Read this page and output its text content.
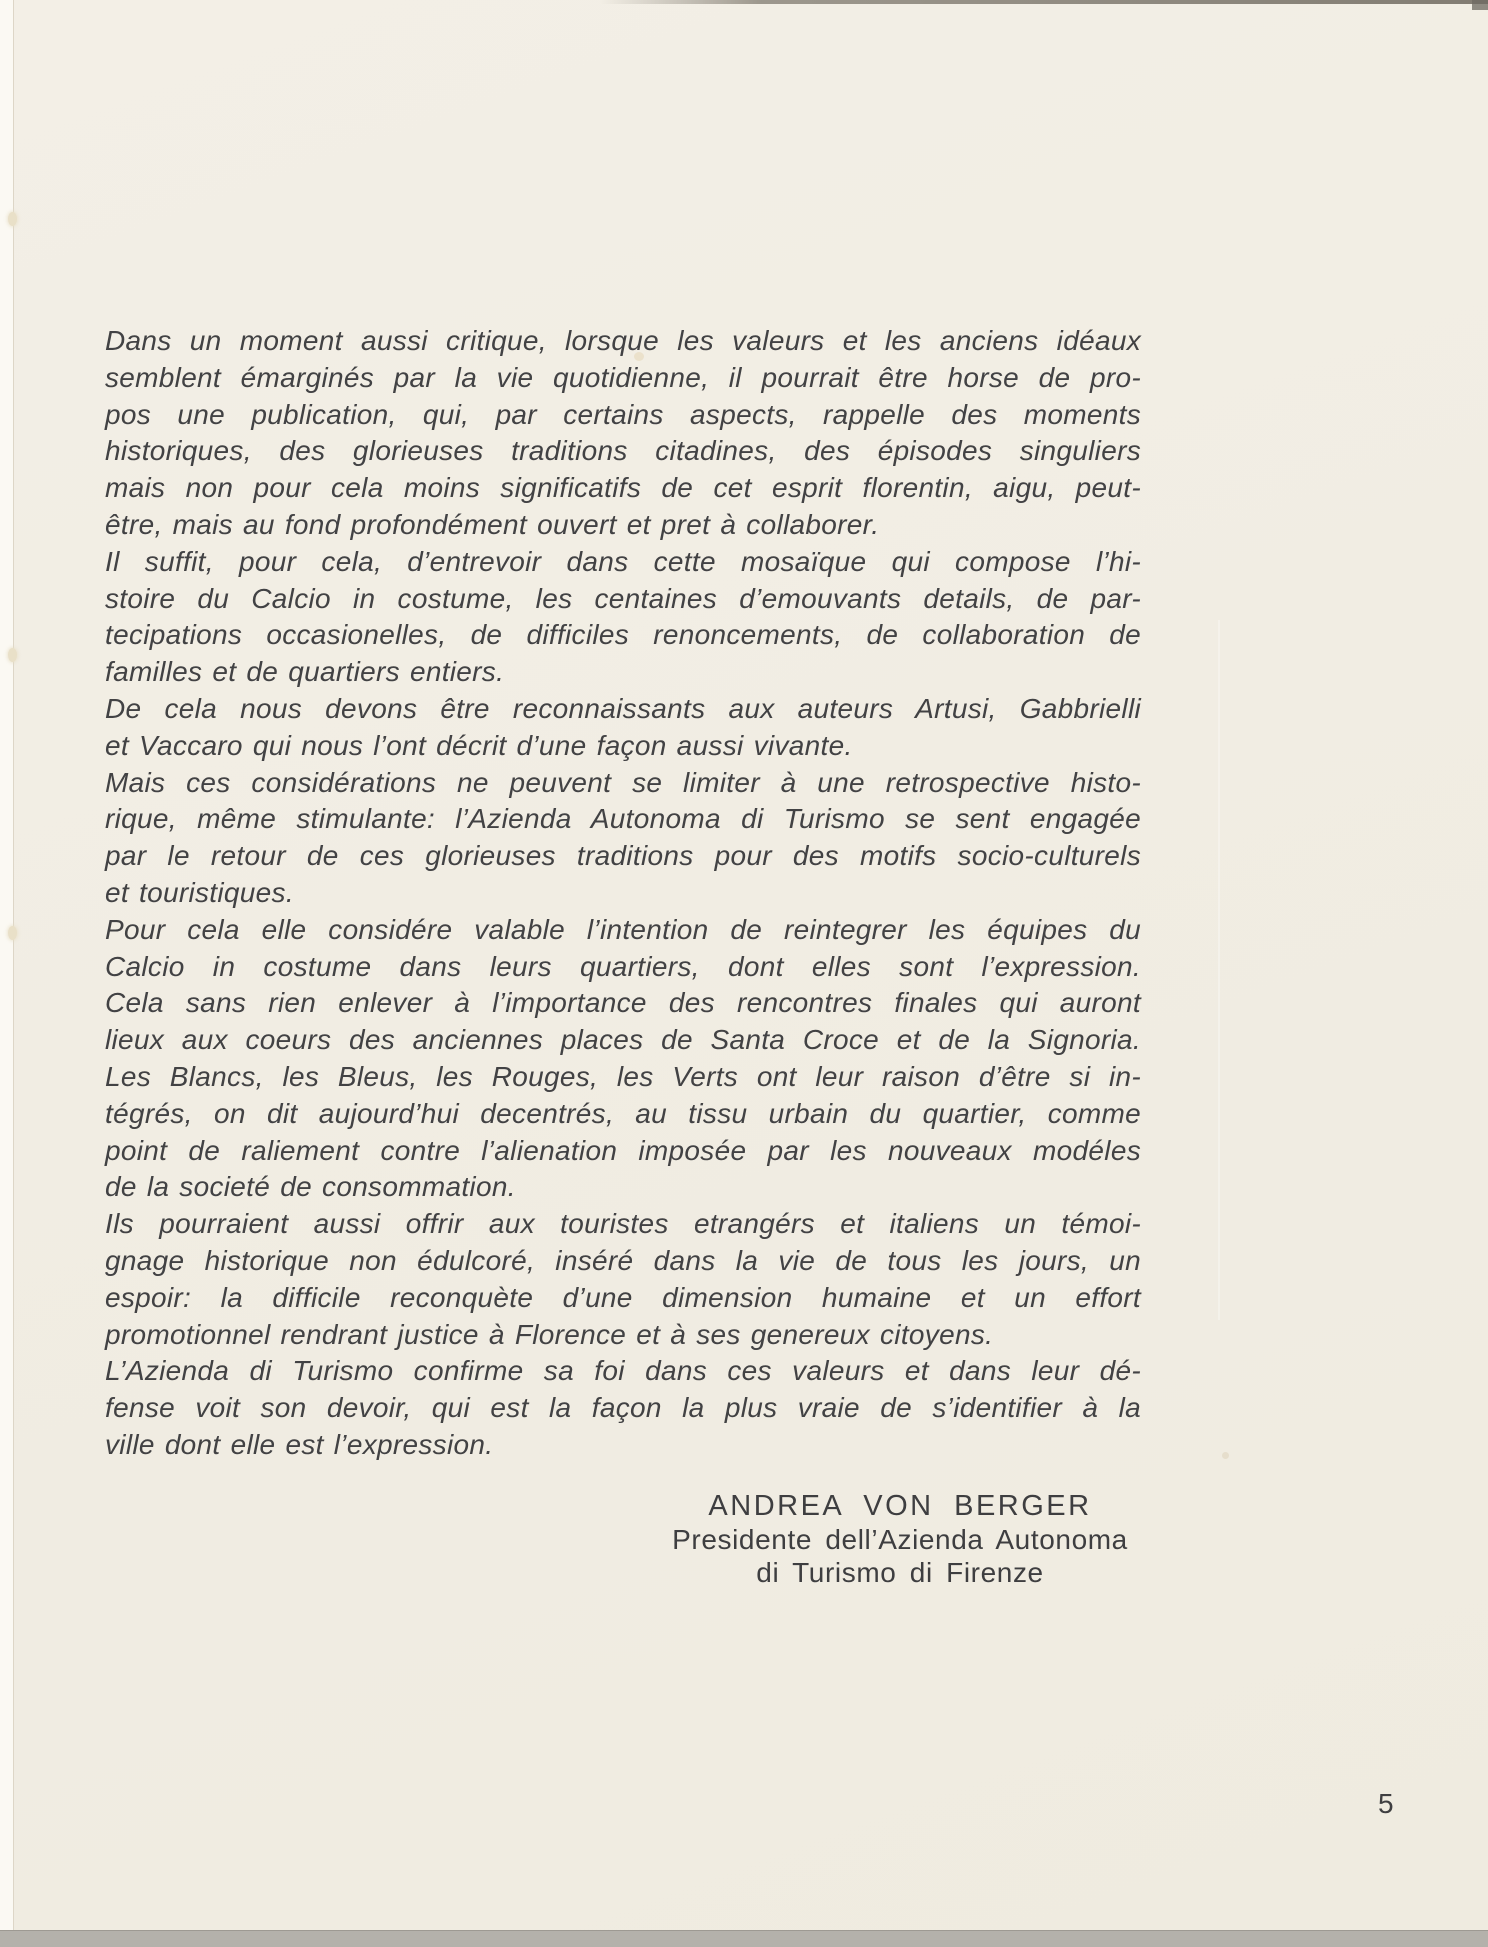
Dans un moment aussi critique, lorsque les valeurs et les anciens idéaux
semblent émarginés par la vie quotidienne, il pourrait être horse de pro-
pos une publication, qui, par certains aspects, rappelle des moments
historiques, des glorieuses traditions citadines, des épisodes singuliers
mais non pour cela moins significatifs de cet esprit florentin, aigu, peut-
être, mais au fond profondément ouvert et pret à collaborer.

Il suffit, pour cela, d’entrevoir dans cette mosaïque qui compose l’hi-
stoire du Calcio in costume, les centaines d’emouvants details, de par-
tecipations occasionelles, de difficiles renoncements, de collaboration de
familles et de quartiers entiers.

De cela nous devons être reconnaissants aux auteurs Artusi, Gabbrielli
et Vaccaro qui nous l’ont décrit d’une façon aussi vivante.

Mais ces considérations ne peuvent se limiter à une retrospective histo-
rique, même stimulante: l’Azienda Autonoma di Turismo se sent engagée
par le retour de ces glorieuses traditions pour des motifs socio-culturels
et touristiques.

Pour cela elle considére valable l’intention de reintegrer les équipes du
Calcio in costume dans leurs quartiers, dont elles sont l’expression.
Cela sans rien enlever à l’importance des rencontres finales qui auront
lieux aux coeurs des anciennes places de Santa Croce et de la Signoria.
Les Blancs, les Bleus, les Rouges, les Verts ont leur raison d’être si in-
tégrés, on dit aujourd’hui decentrés, au tissu urbain du quartier, comme
point de raliement contre l’alienation imposée par les nouveaux modéles
de la societé de consommation.

Ils pourraient aussi offrir aux touristes etrangérs et italiens un témoi-
gnage historique non édulcoré, inséré dans la vie de tous les jours, un
espoir: la difficile reconquète d’une dimension humaine et un effort
promotionnel rendrant justice à Florence et à ses genereux citoyens.

L’Azienda di Turismo confirme sa foi dans ces valeurs et dans leur dé-
fense voit son devoir, qui est la façon la plus vraie de s’identifier à la
ville dont elle est l’expression.

ANDREA VON BERGER
Presidente dell’Azienda Autonoma
di Turismo di Firenze
5
